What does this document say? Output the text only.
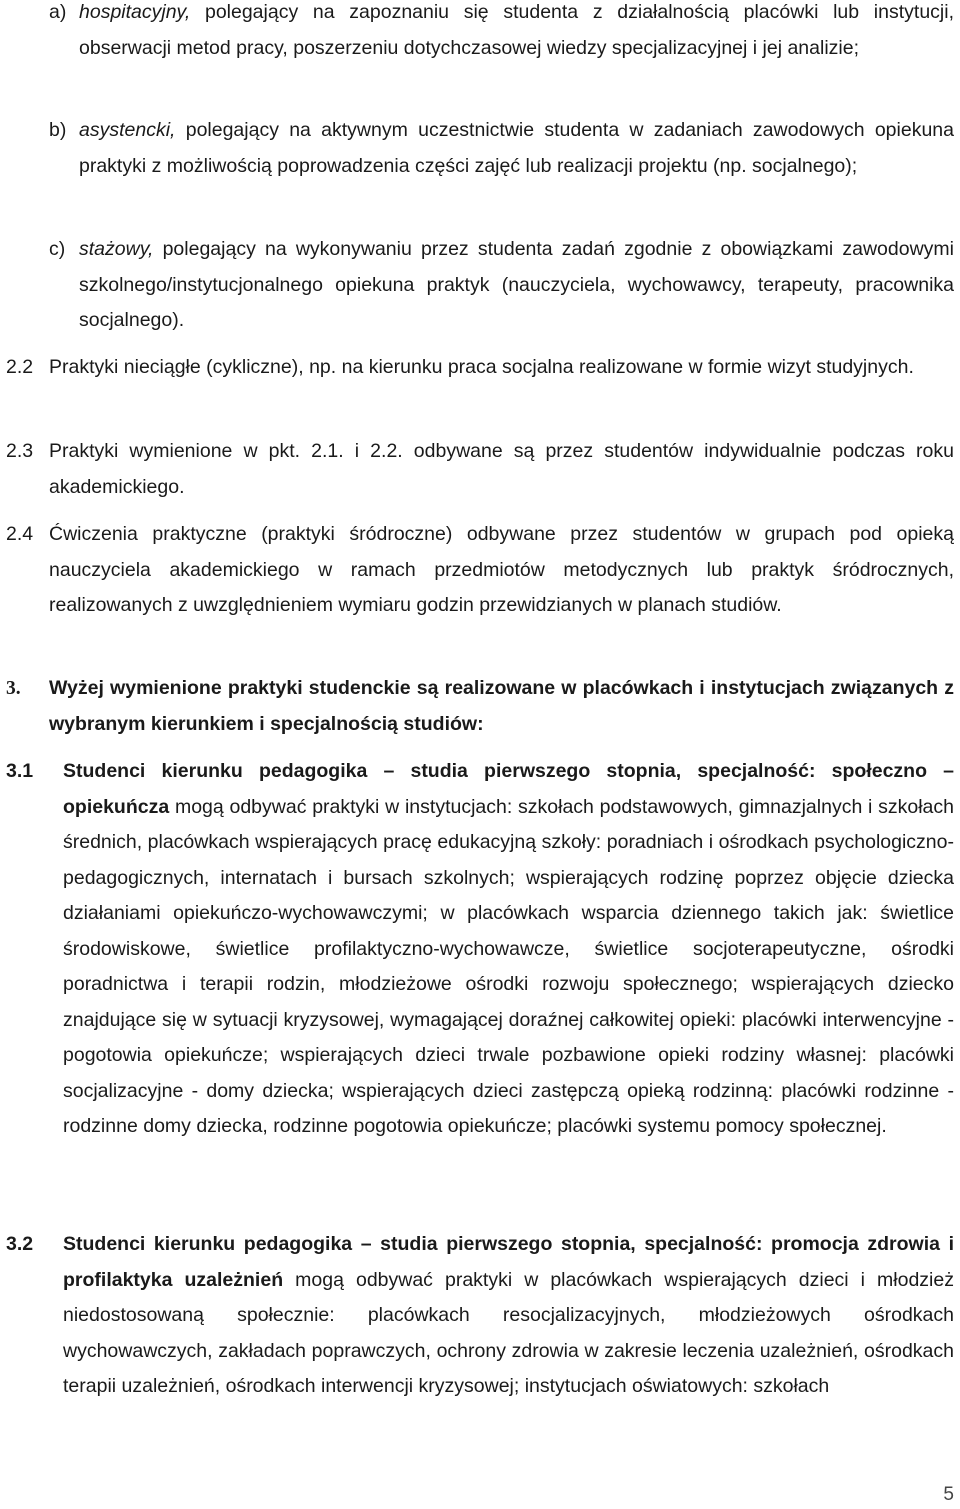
a) hospitacyjny, polegający na zapoznaniu się studenta z działalnością placówki lub instytucji, obserwacji metod pracy, poszerzeniu dotychczasowej wiedzy specjalizacyjnej i jej analizie;
b) asystencki, polegający na aktywnym uczestnictwie studenta w zadaniach zawodowych opiekuna praktyki z możliwością poprowadzenia części zajęć lub realizacji projektu (np. socjalnego);
c) stażowy, polegający na wykonywaniu przez studenta zadań zgodnie z obowiązkami zawodowymi szkolnego/instytucjonalnego opiekuna praktyk (nauczyciela, wychowawcy, terapeuty, pracownika socjalnego).
2.2 Praktyki nieciągłe (cykliczne), np. na kierunku praca socjalna realizowane w formie wizyt studyjnych.
2.3 Praktyki wymienione w pkt. 2.1. i 2.2. odbywane są przez studentów indywidualnie podczas roku akademickiego.
2.4 Ćwiczenia praktyczne (praktyki śródroczne) odbywane przez studentów w grupach pod opieką nauczyciela akademickiego w ramach przedmiotów metodycznych lub praktyk śródrocznych, realizowanych z uwzględnieniem wymiaru godzin przewidzianych w planach studiów.
3.	Wyżej wymienione praktyki studenckie są realizowane w placówkach i instytucjach związanych z wybranym kierunkiem i specjalnością studiów:
3.1	Studenci kierunku pedagogika – studia pierwszego stopnia, specjalność: społeczno – opiekuńcza mogą odbywać praktyki w instytucjach: szkołach podstawowych, gimnazjalnych i szkołach średnich, placówkach wspierających pracę edukacyjną szkoły: poradniach i ośrodkach psychologiczno-pedagogicznych, internatach i bursach szkolnych; wspierających rodzinę poprzez objęcie dziecka działaniami opiekuńczo-wychowawczymi; w placówkach wsparcia dziennego takich jak: świetlice środowiskowe, świetlice profilaktyczno-wychowawcze, świetlice socjoterapeutyczne, ośrodki poradnictwa i terapii rodzin, młodzieżowe ośrodki rozwoju społecznego; wspierających dziecko znajdujące się w sytuacji kryzysowej, wymagającej doraźnej całkowitej opieki: placówki interwencyjne - pogotowia opiekuńcze; wspierających dzieci trwale pozbawione opieki rodziny własnej: placówki socjalizacyjne - domy dziecka; wspierających dzieci zastępczą opieką rodzinną: placówki rodzinne - rodzinne domy dziecka, rodzinne pogotowia opiekuńcze; placówki systemu pomocy społecznej.
3.2	Studenci kierunku pedagogika – studia pierwszego stopnia, specjalność: promocja zdrowia i profilaktyka uzależnień mogą odbywać praktyki w placówkach wspierających dzieci i młodzież niedostosowaną społecznie: placówkach resocjalizacyjnych, młodzieżowych ośrodkach wychowawczych, zakładach poprawczych, ochrony zdrowia w zakresie leczenia uzależnień, ośrodkach terapii uzależnień, ośrodkach interwencji kryzysowej; instytucjach oświatowych: szkołach
5
